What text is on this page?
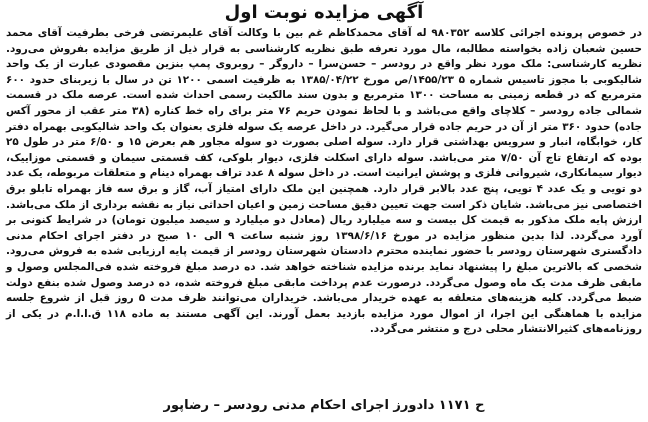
آگهی مزایده نوبت اول

در خصوص پرونده اجرائی کلاسه ۹۸۰۳۵۲ له آقای محمدکاظم غم بین با وکالت آقای علیمرتضی فرخی بطرفیت آقای محمد حسین شعبان زاده بخواسته مطالبه، مال مورد تعرفه طبق نظریه کارشناسی به قرار ذیل از طریق مزایده بفروش می‌رود. نظریه کارشناسی: ملک مورد نظر واقع در رودسر – حسن‌سرا – داروگر – روبروی پمپ بنزین مقصودی عبارت از یک واحد شالیکوبی با مجوز تاسیس شماره ۵ ۱۴۵۵/۲۳/ص مورخ ۱۳۸۵/۰۴/۲۲ به ظرفیت اسمی ۱۲۰۰ تن در سال با زیربنای حدود ۶۰۰ مترمربع که در قطعه زمینی به مساحت ۱۳۰۰ مترمربع و بدون سند مالکیت رسمی احداث شده است. عرصه ملک در قسمت شمالی جاده رودسر – کلاچای واقع می‌باشد و با لحاظ نمودن حریم ۷۶ متر برای راه خط کناره (۳۸ متر عقب از محور آکس جاده) حدود ۳۶۰ متر از آن در حریم جاده قرار می‌گیرد. در داخل عرصه یک سوله فلزی بعنوان یک واحد شالیکوبی بهمراه دفتر کار، خوابگاه، انبار و سرویس بهداشتی قرار دارد. سوله اصلی بصورت دو سوله مجاور هم بعرض ۱۵ و ۶/۵۰ متر در طول ۲۵ بوده که ارتفاع تاج آن ۷/۵۰ متر می‌باشد. سوله دارای اسکلت فلزی، دیوار بلوکی، کف قسمتی سیمان و قسمتی موزاییک، دیوار سیمانکاری، شیروانی فلزی و پوشش ایرانیت است. در داخل سوله ۸ عدد تراف بهمراه دینام و متعلقات مربوطه، یک عدد دو تویی و یک عدد ۴ تویی، پنج عدد بالابر قرار دارد. همچنین این ملک دارای امتیاز آب، گاز و برق سه فاز بهمراه تابلو برق اختصاصی نیز می‌باشد. شایان ذکر است جهت تعیین دقیق مساحت زمین و اعیان احداثی نیاز به نقشه برداری از ملک می‌باشد. ارزش پایه ملک مذکور به قیمت کل بیست و سه میلیارد ریال (معادل دو میلیارد و سیصد میلیون تومان) در شرایط کنونی بر آورد می‌گردد. لذا بدین منظور مزایده در مورخ ۱۳۹۸/۶/۱۶ روز شنبه ساعت ۹ الی ۱۰ صبح در دفتر اجرای احکام مدنی دادگستری شهرستان رودسر با حضور نماینده محترم دادستان شهرستان رودسر از قیمت پایه ارزیابی شده به فروش می‌رود. شخصی که بالاترین مبلغ را پیشنهاد نماید برنده مزایده شناخته خواهد شد. ده درصد مبلغ فروخته شده فی‌المجلس وصول و مابقی ظرف مدت یک ماه وصول می‌گردد. درصورت عدم پرداخت مابقی مبلغ فروخته شده، ده درصد وصول شده بنفع دولت ضبط می‌گردد. کلیه هزینه‌های متعلقه به عهده خریدار می‌باشد. خریداران می‌توانند ظرف مدت ۵ روز قبل از شروع جلسه مزایده با هماهنگی این اجرا، از اموال مورد مزایده بازدید بعمل آورند. این آگهی مستند به ماده ۱۱۸ ق.ا.ا.م در یکی از روزنامه‌های کثیرالانتشار محلی درج و منتشر می‌گردد.

ح ۱۱۷۱ دادورز اجرای احکام مدنی رودسر – رضاپور
